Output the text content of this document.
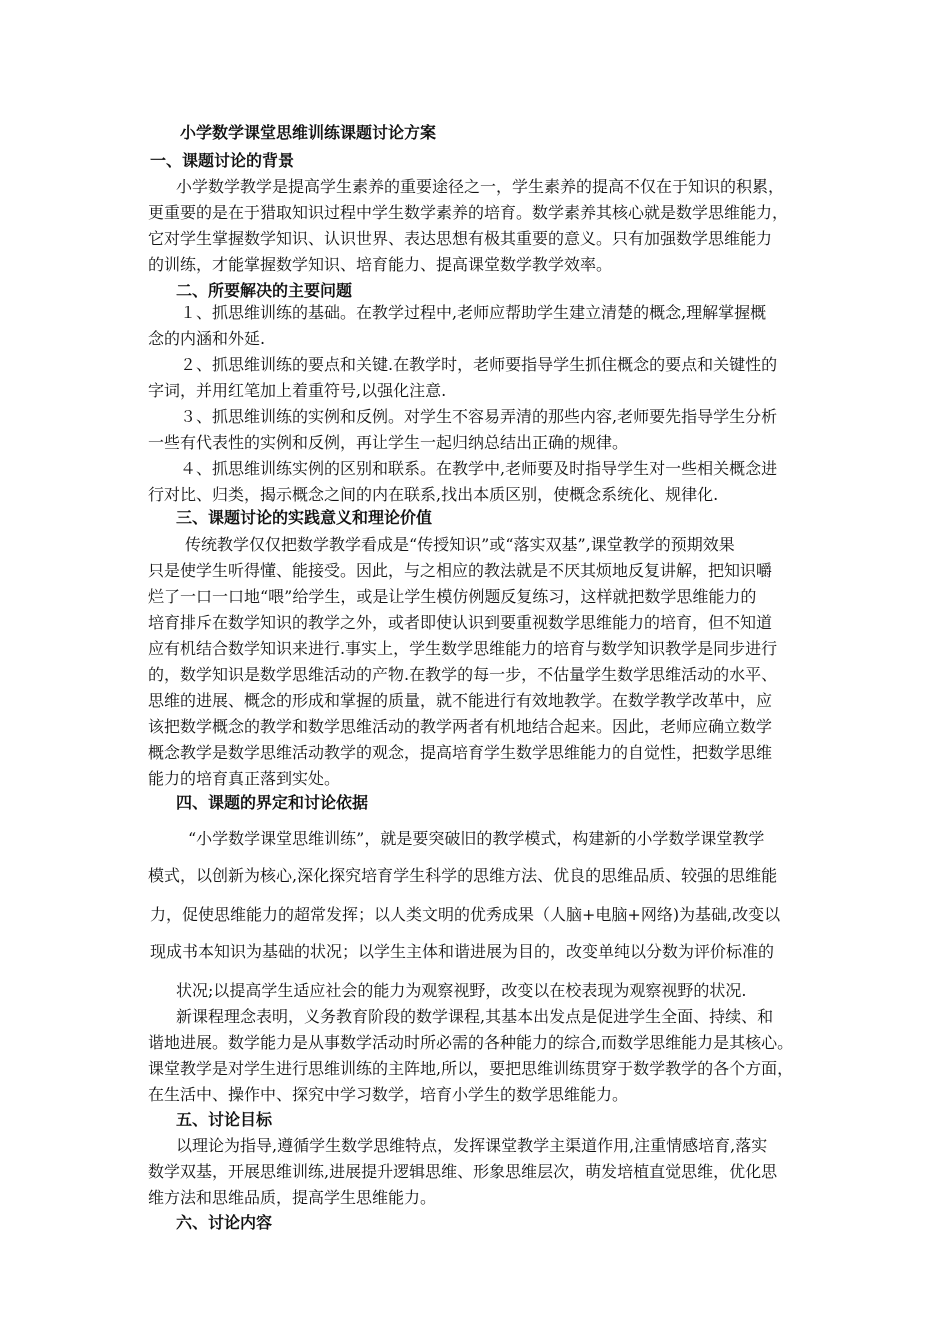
小学数学课堂思维训练课题讨论方案
一、课题讨论的背景
小学数学教学是提高学生素养的重要途径之一，学生素养的提高不仅在于知识的积累，
更重要的是在于猎取知识过程中学生数学素养的培育。数学素养其核心就是数学思维能力，
它对学生掌握数学知识、认识世界、表达思想有极其重要的意义。只有加强数学思维能力
的训练，才能掌握数学知识、培育能力、提高课堂数学教学效率。
二、所要解决的主要问题
１、抓思维训练的基础。在教学过程中,老师应帮助学生建立清楚的概念,理解掌握概
念的内涵和外延.
２、抓思维训练的要点和关键.在教学时，老师要指导学生抓住概念的要点和关键性的
字词，并用红笔加上着重符号,以强化注意.
３、抓思维训练的实例和反例。对学生不容易弄清的那些内容,老师要先指导学生分析
一些有代表性的实例和反例，再让学生一起归纳总结出正确的规律。
４、抓思维训练实例的区别和联系。在教学中,老师要及时指导学生对一些相关概念进
行对比、归类，揭示概念之间的内在联系,找出本质区别，使概念系统化、规律化.
三、课题讨论的实践意义和理论价值
传统教学仅仅把数学教学看成是“传授知识”或“落实双基”,课堂教学的预期效果
只是使学生听得懂、能接受。因此，与之相应的教法就是不厌其烦地反复讲解，把知识嚼
烂了一口一口地“喂”给学生，或是让学生模仿例题反复练习，这样就把数学思维能力的
培育排斥在数学知识的教学之外，或者即使认识到要重视数学思维能力的培育，但不知道
应有机结合数学知识来进行.事实上，学生数学思维能力的培育与数学知识教学是同步进行
的，数学知识是数学思维活动的产物.在教学的每一步，不估量学生数学思维活动的水平、
思维的进展、概念的形成和掌握的质量，就不能进行有效地教学。在数学教学改革中，应
该把数学概念的教学和数学思维活动的教学两者有机地结合起来。因此，老师应确立数学
概念教学是数学思维活动教学的观念，提高培育学生数学思维能力的自觉性，把数学思维
能力的培育真正落到实处。
四、课题的界定和讨论依据
“小学数学课堂思维训练”，就是要突破旧的教学模式，构建新的小学数学课堂教学
模式，以创新为核心,深化探究培育学生科学的思维方法、优良的思维品质、较强的思维能
力，促使思维能力的超常发挥；以人类文明的优秀成果（人脑+电脑+网络)为基础,改变以
现成书本知识为基础的状况；以学生主体和谐进展为目的，改变单纯以分数为评价标准的
状况;以提高学生适应社会的能力为观察视野，改变以在校表现为观察视野的状况.
新课程理念表明，义务教育阶段的数学课程,其基本出发点是促进学生全面、持续、和
谐地进展。数学能力是从事数学活动时所必需的各种能力的综合,而数学思维能力是其核心。
课堂教学是对学生进行思维训练的主阵地,所以，要把思维训练贯穿于数学教学的各个方面，
在生活中、操作中、探究中学习数学，培育小学生的数学思维能力。
五、讨论目标
以理论为指导,遵循学生数学思维特点，发挥课堂教学主渠道作用,注重情感培育,落实
数学双基，开展思维训练,进展提升逻辑思维、形象思维层次，萌发培植直觉思维，优化思
维方法和思维品质，提高学生思维能力。
六、讨论内容
